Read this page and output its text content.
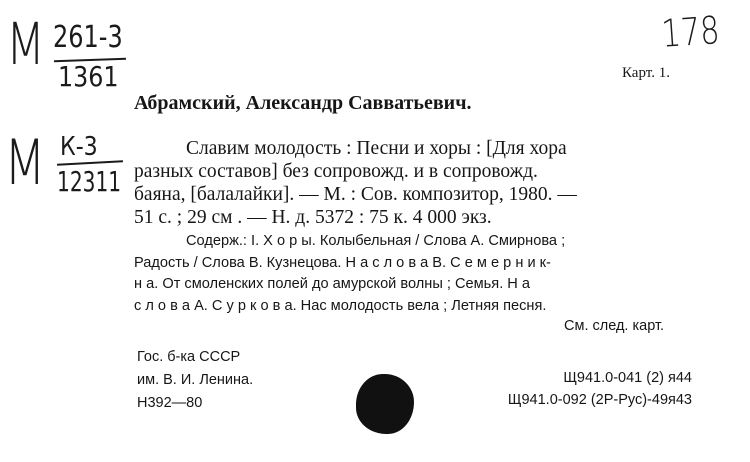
М 261-3
1361
М К-3
12311
178
Карт. 1.
Абрамский, Александр Савватьевич.
Славим молодость : Песни и хоры : [Для хора
разных составов] без сопровожд. и в сопровожд.
баяна, [балалайки]. — М. : Сов. композитор, 1980. —
51 с. ; 29 см . — Н. д. 5372 : 75 к. 4 000 экз.
Содерж.: I. Х о р ы. Колыбельная / Слова А. Смирнова ;
Радость / Слова В. Кузнецова. Н а с л о в а В. С е м е р н и к-
н а. От смоленских полей до амурской волны ; Семья. Н а
с л о в а А. С у р к о в а. Нас молодость вела ; Летняя песня.
См. след. карт.
Гос. б-ка СССР
им. В. И. Ленина.
Н392—80
Щ941.0-041 (2) я44
Щ941.0-092 (2Р-Рус)-49я43
